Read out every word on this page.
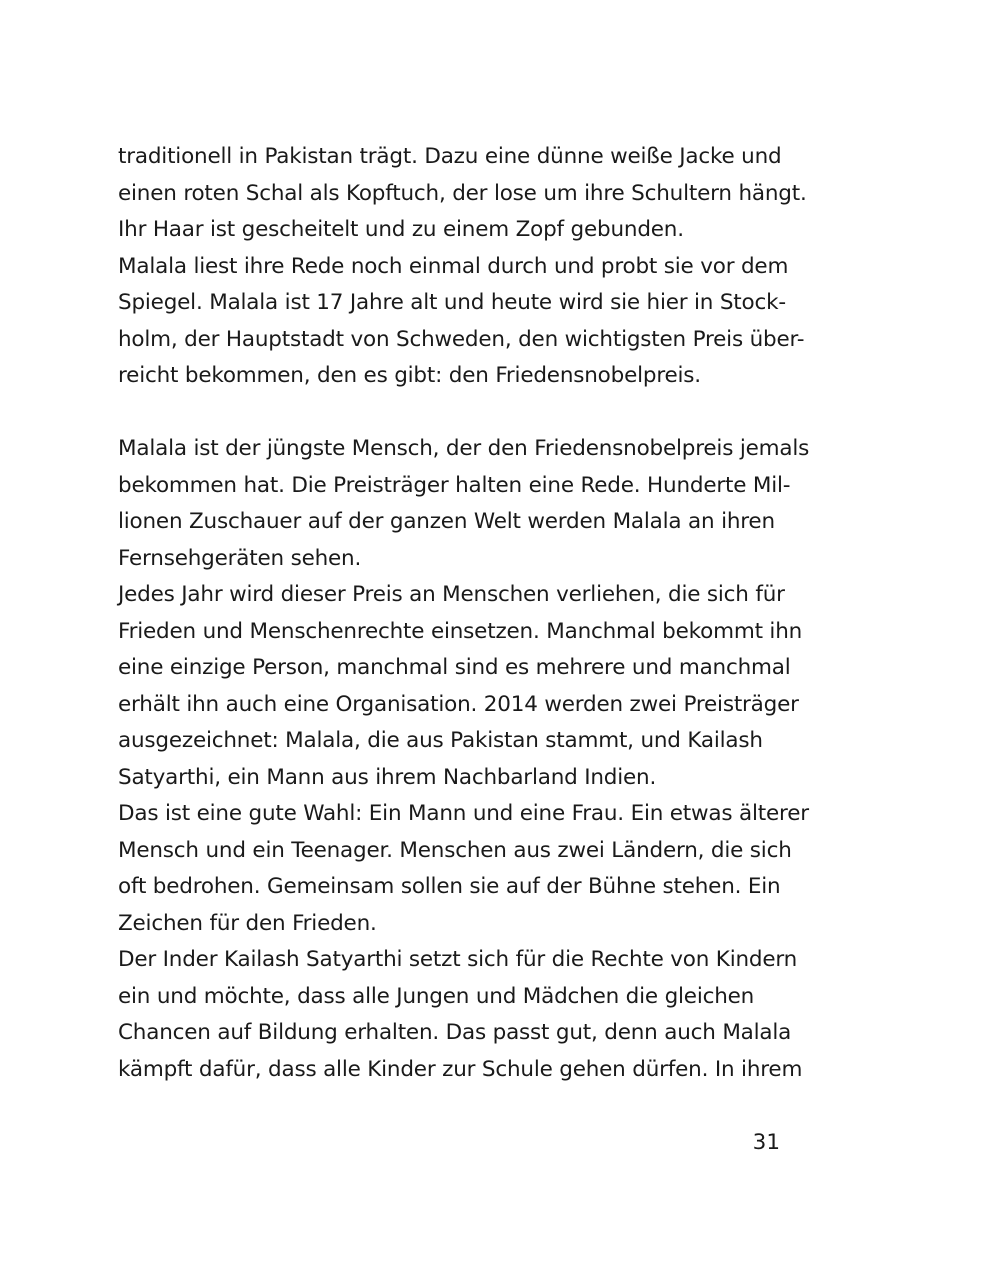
traditionell in Pakistan trägt. Dazu eine dünne weiße Jacke und
einen roten Schal als Kopftuch, der lose um ihre Schultern hängt.
Ihr Haar ist gescheitelt und zu einem Zopf gebunden.
Malala liest ihre Rede noch einmal durch und probt sie vor dem
Spiegel. Malala ist 17 Jahre alt und heute wird sie hier in Stock-
holm, der Hauptstadt von Schweden, den wichtigsten Preis über-
reicht bekommen, den es gibt: den Friedensnobelpreis.
Malala ist der jüngste Mensch, der den Friedensnobelpreis jemals
bekommen hat. Die Preisträger halten eine Rede. Hunderte Mil-
lionen Zuschauer auf der ganzen Welt werden Malala an ihren
Fernsehgeräten sehen.
Jedes Jahr wird dieser Preis an Menschen verliehen, die sich für
Frieden und Menschenrechte einsetzen. Manchmal bekommt ihn
eine einzige Person, manchmal sind es mehrere und manchmal
erhält ihn auch eine Organisation. 2014 werden zwei Preisträger
ausgezeichnet: Malala, die aus Pakistan stammt, und Kailash
Satyarthi, ein Mann aus ihrem Nachbarland Indien.
Das ist eine gute Wahl: Ein Mann und eine Frau. Ein etwas älterer
Mensch und ein Teenager. Menschen aus zwei Ländern, die sich
oft bedrohen. Gemeinsam sollen sie auf der Bühne stehen. Ein
Zeichen für den Frieden.
Der Inder Kailash Satyarthi setzt sich für die Rechte von Kindern
ein und möchte, dass alle Jungen und Mädchen die gleichen
Chancen auf Bildung erhalten. Das passt gut, denn auch Malala
kämpft dafür, dass alle Kinder zur Schule gehen dürfen. In ihrem
31
